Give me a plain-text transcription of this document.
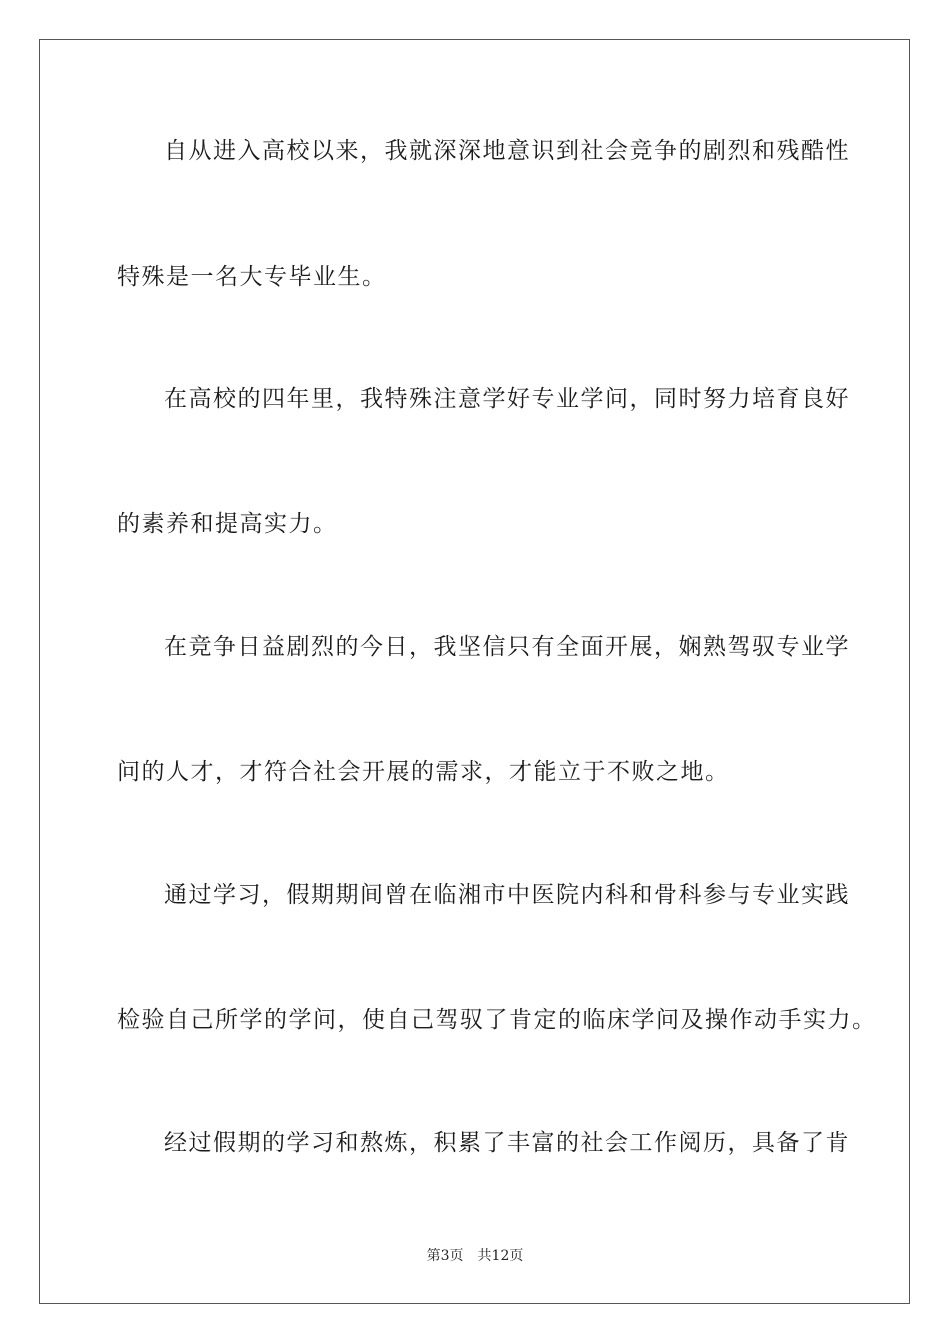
自从进入高校以来，我就深深地意识到社会竞争的剧烈和残酷性
特殊是一名大专毕业生。
在高校的四年里，我特殊注意学好专业学问，同时努力培育良好
的素养和提高实力。
在竞争日益剧烈的今日，我坚信只有全面开展，娴熟驾驭专业学
问的人才，才符合社会开展的需求，才能立于不败之地。
通过学习，假期期间曾在临湘市中医院内科和骨科参与专业实践
检验自己所学的学问，使自己驾驭了肯定的临床学问及操作动手实力。
经过假期的学习和熬炼，积累了丰富的社会工作阅历，具备了肯
第3页 共12页
